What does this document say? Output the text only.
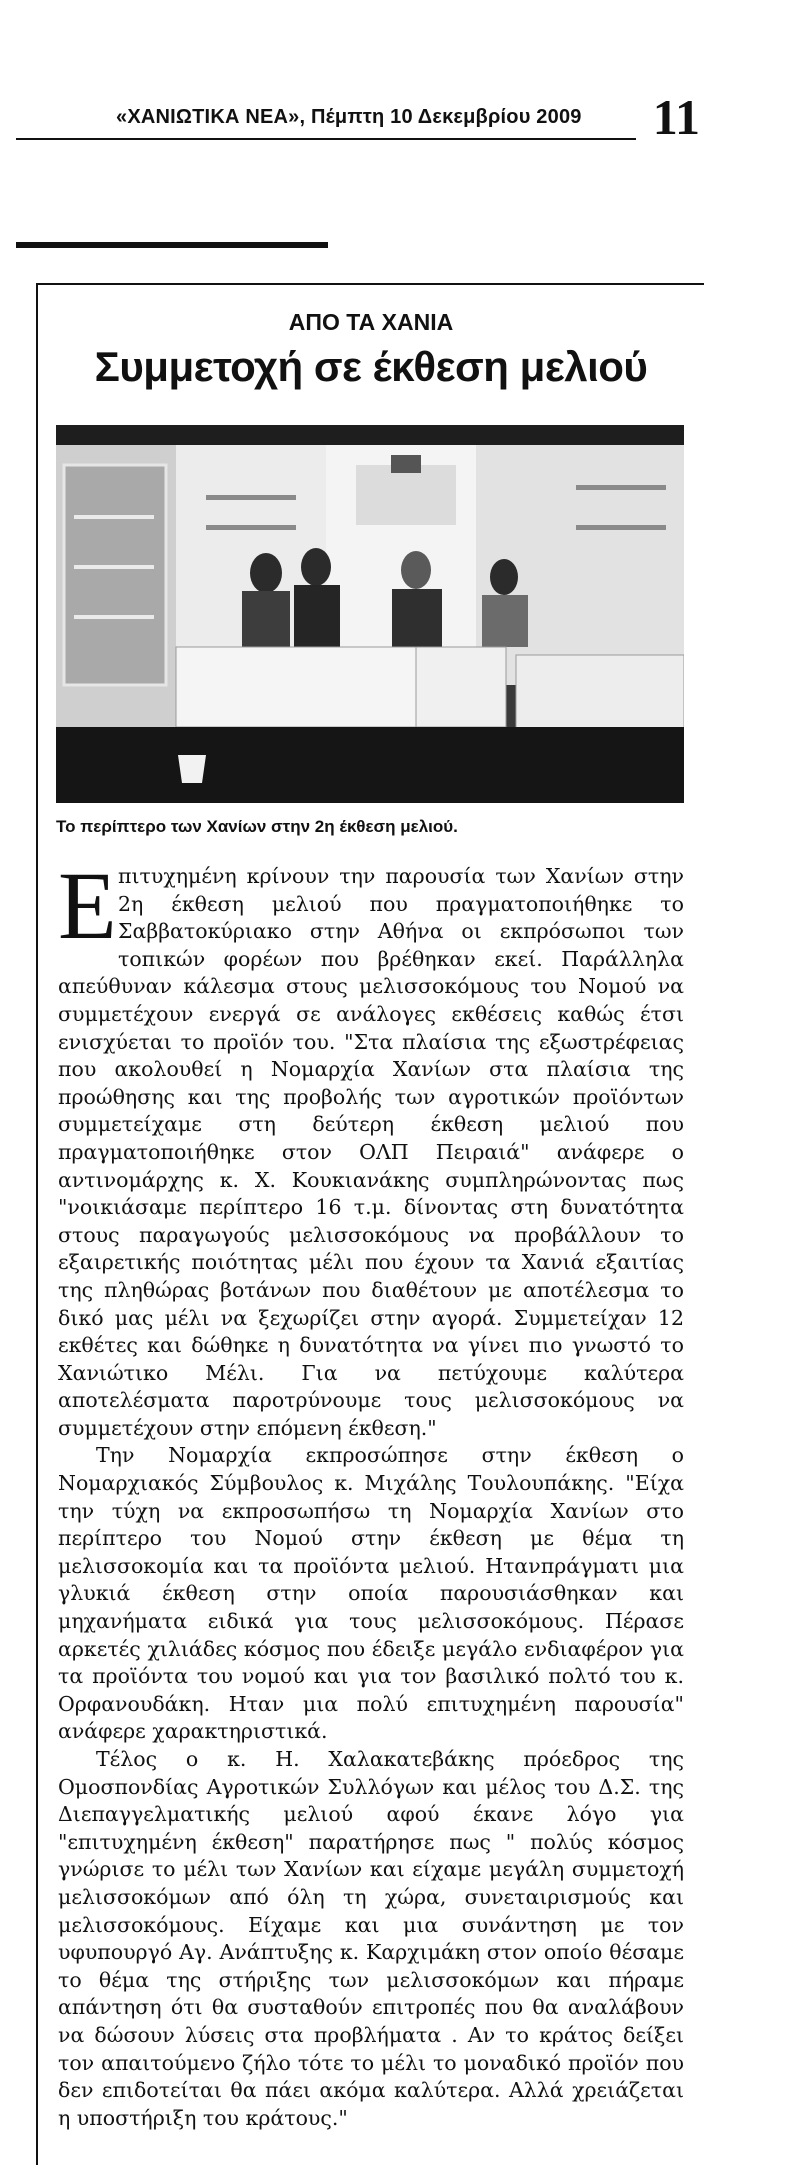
«ΧΑΝΙΩΤΙΚΑ ΝΕΑ», Πέμπτη 10 Δεκεμβρίου 2009 11
ΑΠΟ ΤΑ ΧΑΝΙΑ
Συμμετοχή σε έκθεση μελιού
Το περίπτερο των Χανίων στην 2η έκθεση μελιού.

Επιτυχημένη κρίνουν την παρουσία των Χανίων στην 2η έκθεση μελιού που πραγματοποιήθηκε το Σαββατοκύριακο στην Αθήνα οι εκπρόσωποι των τοπικών φορέων που βρέθηκαν εκεί. Παράλληλα απεύθυναν κάλεσμα στους μελισσοκόμους του Νομού να συμμετέχουν ενεργά σε ανάλογες εκθέσεις καθώς έτσι ενισχύεται το προϊόν του. "Στα πλαίσια της εξωστρέφειας που ακολουθεί η Νομαρχία Χανίων στα πλαίσια της προώθησης και της προβολής των αγροτικών προϊόντων συμμετείχαμε στη δεύτερη έκθεση μελιού που πραγματοποιήθηκε στον ΟΛΠ Πειραιά" ανάφερε ο αντινομάρχης κ. Χ. Κουκιανάκης συμπληρώνοντας πως "νοικιάσαμε περίπτερο 16 τ.μ. δίνοντας στη δυνατότητα στους παραγωγούς μελισσοκόμους να προβάλλουν το εξαιρετικής ποιότητας μέλι που έχουν τα Χανιά εξαιτίας της πληθώρας βοτάνων που διαθέτουν με αποτέλεσμα το δικό μας μέλι να ξεχωρίζει στην αγορά. Συμμετείχαν 12 εκθέτες και δώθηκε η δυνατότητα να γίνει πιο γνωστό το Χανιώτικο Μέλι. Για να πετύχουμε καλύτερα αποτελέσματα παροτρύνουμε τους μελισσοκόμους να συμμετέχουν στην επόμενη έκθεση."

Την Νομαρχία εκπροσώπησε στην έκθεση ο Νομαρχιακός Σύμβουλος κ. Μιχάλης Τουλουπάκης. "Είχα την τύχη να εκπροσωπήσω τη Νομαρχία Χανίων στο περίπτερο του Νομού στην έκθεση με θέμα τη μελισσοκομία και τα προϊόντα μελιού. Ητανπράγματι μια γλυκιά έκθεση στην οποία παρουσιάσθηκαν και μηχανήματα ειδικά για τους μελισσοκόμους. Πέρασε αρκετές χιλιάδες κόσμος που έδειξε μεγάλο ενδιαφέρον για τα προϊόντα του νομού και για τον βασιλικό πολτό του κ. Ορφανουδάκη. Ηταν μια πολύ επιτυχημένη παρουσία" ανάφερε χαρακτηριστικά.

Τέλος ο κ. Η. Χαλακατεβάκης πρόεδρος της Ομοσπονδίας Αγροτικών Συλλόγων και μέλος του Δ.Σ. της Διεπαγγελματικής μελιού αφού έκανε λόγο για "επιτυχημένη έκθεση" παρατήρησε πως " πολύς κόσμος γνώρισε το μέλι των Χανίων και είχαμε μεγάλη συμμετοχή μελισσοκόμων από όλη τη χώρα, συνεταιρισμούς και μελισσοκόμους. Είχαμε και μια συνάντηση με τον υφυπουργό Αγ. Ανάπτυξης κ. Καρχιμάκη στον οποίο θέσαμε το θέμα της στήριξης των μελισσοκόμων και πήραμε απάντηση ότι θα συσταθούν επιτροπές που θα αναλάβουν να δώσουν λύσεις στα προβλήματα . Αν το κράτος δείξει τον απαιτούμενο ζήλο τότε το μέλι το μοναδικό προϊόν που δεν επιδοτείται θα πάει ακόμα καλύτερα. Αλλά χρειάζεται η υποστήριξη του κράτους."
